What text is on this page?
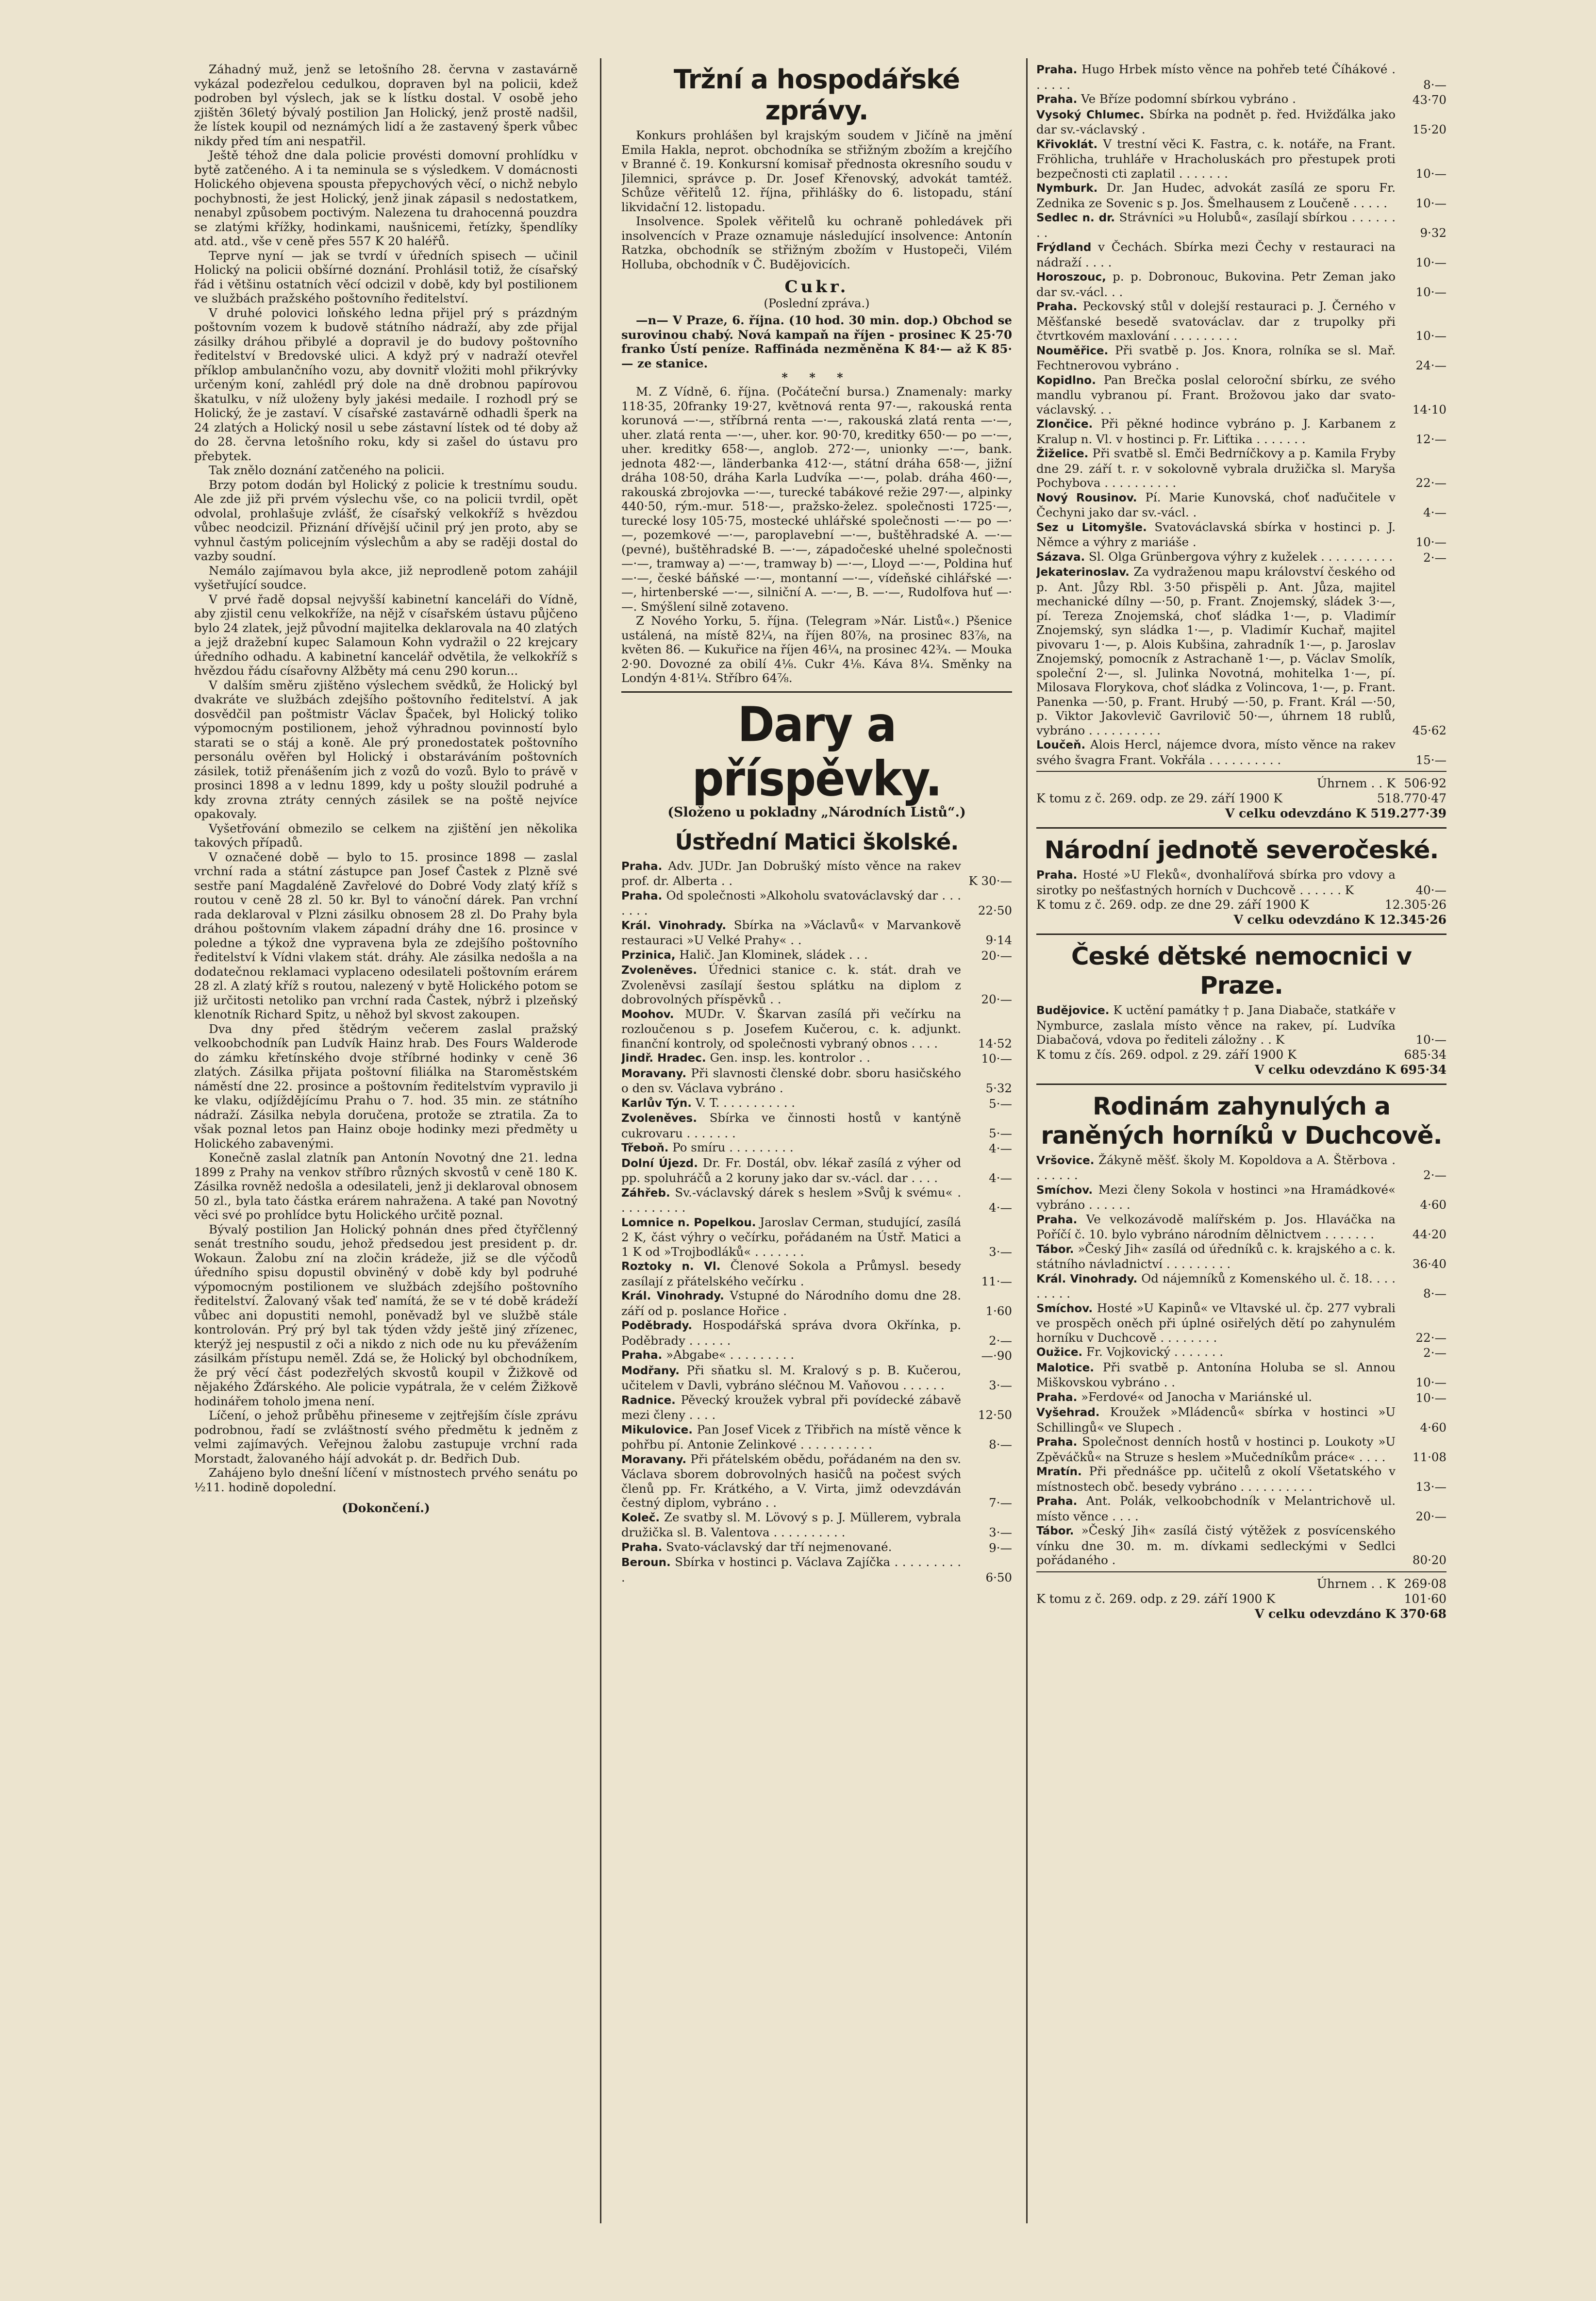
Záhadný muž, jenž se letošního 28. června v zastavárně vykázal podezřelou cedulkou, dopraven byl na policii, kdež podroben byl výslech, jak se k lístku dostal. V osobě jeho zjištěn 36letý bývalý postilion Jan Holický, jenž prostě nadšil, že lístek koupil od neznámých lidí a že zastavený šperk vůbec nikdy před tím ani nespatřil.

Ještě téhož dne dala policie provésti domovní prohlídku v bytě zatčeného. A i ta neminula se s výsledkem. V domácnosti Holického objevena spousta přepychových věcí, o nichž nebylo pochybnosti, že jest Holický, jenž jinak zápasil s nedostatkem, nenabyl způsobem poctivým. Nalezena tu drahocenná pouzdra se zlatými křížky, hodinkami, naušnicemi, řetízky, špendlíky atd. atd., vše v ceně přes 557 K 20 haléřů.

Teprve nyní — jak se tvrdí v úředních spisech — učinil Holický na policii obšírné doznání. Prohlásil totiž, že císařský řád i většinu ostatních věcí odcizil v době, kdy byl postilionem ve službách pražského poštovního ředitelství.

V druhé polovici loňského ledna přijel prý s prázdným poštovním vozem k budově státního nádraží, aby zde přijal zásilky dráhou přibylé a dopravil je do budovy poštovního ředitelství v Bredovské ulici. A když prý v nadraží otevřel příklop ambulančního vozu, aby dovnitř vložiti mohl přikrývky určeným koní, zahlédl prý dole na dně drobnou papírovou škatulku, v níž uloženy byly jakési medaile. I rozhodl prý se Holický, že je zastaví. V císařské zastavárně odhadli šperk na 24 zlatých a Holický nosil u sebe zástavní lístek od té doby až do 28. června letošního roku, kdy si zašel do ústavu pro přebytek.

Tak znělo doznání zatčeného na policii.

Brzy potom dodán byl Holický z policie k trestnímu soudu. Ale zde již při prvém výslechu vše, co na policii tvrdil, opět odvolal, prohlašuje zvlášť, že císařský velkokříž s hvězdou vůbec neodcizil. Přiznání dřívější učinil prý jen proto, aby se vyhnul častým policejním výslechům a aby se raději dostal do vazby soudní.

Nemálo zajímavou byla akce, již neprodleně potom zahájil vyšetřující soudce.

V prvé řadě dopsal nejvyšší kabinetní kanceláři do Vídně, aby zjistil cenu velkokříže, na nějž v císařském ústavu půjčeno bylo 24 zlatek, jejž původní majitelka deklarovala na 40 zlatých a jejž dražební kupec Salamoun Kohn vydražil o 22 krejcary úředního odhadu. A kabinetní kancelář odvětila, že velkokříž s hvězdou řádu císařovny Alžběty má cenu 290 korun...

V dalším směru zjištěno výslechem svědků, že Holický byl dvakráte ve službách zdejšího poštovního ředitelství. A jak dosvědčil pan poštmistr Václav Špaček, byl Holický toliko výpomocným postilionem, jehož výhradnou povinností bylo starati se o stáj a koně. Ale prý pronedostatek poštovního personálu ověřen byl Holický i obstaráváním poštovních zásilek, totiž přenášením jich z vozů do vozů. Bylo to právě v prosinci 1898 a v lednu 1899, kdy u pošty sloužil podruhé a kdy zrovna ztráty cenných zásilek se na poště nejvíce opakovaly.

Vyšetřování obmezilo se celkem na zjištění jen několika takových případů.

V označené době — bylo to 15. prosince 1898 — zaslal vrchní rada a státní zástupce pan Josef Častek z Plzně své sestře paní Magdaléně Zavřelové do Dobré Vody zlatý kříž s routou v ceně 28 zl. 50 kr. Byl to vánoční dárek. Pan vrchní rada deklaroval v Plzni zásilku obnosem 28 zl. Do Prahy byla dráhou poštovním vlakem západní dráhy dne 16. prosince v poledne a týkož dne vypravena byla ze zdejšího poštovního ředitelství k Vídni vlakem stát. dráhy. Ale zásilka nedošla a na dodatečnou reklamaci vyplaceno odesilateli poštovním erárem 28 zl. A zlatý kříž s routou, nalezený v bytě Holického potom se již určitosti netoliko pan vrchní rada Častek, nýbrž i plzeňský klenotník Richard Spitz, u něhož byl skvost zakoupen.

Dva dny před štědrým večerem zaslal pražský velkoobchodník pan Ludvík Hainz hrab. Des Fours Walderode do zámku křetínského dvoje stříbrné hodinky v ceně 36 zlatých. Zásilka přijata poštovní filiálka na Staroměstském náměstí dne 22. prosince a poštovním ředitelstvím vypravilo ji ke vlaku, odjíždějícímu Prahu o 7. hod. 35 min. ze státního nádraží. Zásilka nebyla doručena, protože se ztratila. Za to však poznal letos pan Hainz oboje hodinky mezi předměty u Holického zabavenými.

Konečně zaslal zlatník pan Antonín Novotný dne 21. ledna 1899 z Prahy na venkov stříbro různých skvostů v ceně 180 K. Zásilka rovněž nedošla a odesilateli, jenž ji deklaroval obnosem 50 zl., byla tato částka erárem nahražena. A také pan Novotný věci své po prohlídce bytu Holického určitě poznal.

Bývalý postilion Jan Holický pohnán dnes před čtyřčlenný senát trestního soudu, jehož předsedou jest president p. dr. Wokaun. Žalobu zní na zločin krádeže, již se dle výčodů úředního spisu dopustil obviněný v době kdy byl podruhé výpomocným postilionem ve službách zdejšího poštovního ředitelství. Žalovaný však teď namítá, že se v té době krádeží vůbec ani dopustiti nemohl, poněvadž byl ve službě stále kontrolován. Prý prý byl tak týden vždy ještě jiný zřízenec, kterýž jej nespustil z oči a nikdo z nich ode nu ku převážením zásilkám přístupu neměl. Zdá se, že Holický byl obchodníkem, že prý věcí část podezřelých skvostů koupil v Žižkově od nějakého Žďárského. Ale policie vypátrala, že v celém Žižkově hodinářem toholo jmena není.

Líčení, o jehož průběhu přineseme v zejtřejším čísle zprávu podrobnou, řadí se zvláštností svého předmětu k jedněm z velmi zajímavých. Veřejnou žalobu zastupuje vrchní rada Morstadt, žalovaného hájí advokát p. dr. Bedřich Dub.

Zahájeno bylo dnešní líčení v místnostech prvého senátu po ½11. hodině dopolední.

(Dokončení.)

Tržní a hospodářské zprávy.

Konkurs prohlášen byl krajským soudem v Jičíně na jmění Emila Hakla, neprot. obchodníka se střižným zbožím a krejčího v Branné č. 19. Konkursní komisař přednosta okresního soudu v Jilemnici, správce p. Dr. Josef Křenovský, advokát tamtéž. Schůze věřitelů 12. října, přihlášky do 6. listopadu, stání likvidační 12. listopadu.

Insolvence. Spolek věřitelů ku ochraně pohledávek při insolvencích v Praze oznamuje následující insolvence: Antonín Ratzka, obchodník se střižným zbožím v Hustopeči, Vilém Holluba, obchodník v Č. Budějovicích.

Cukr.
(Poslední zpráva.)

—n— V Praze, 6. října. (10 hod. 30 min. dop.) Obchod se surovinou chabý. Nová kampaň na říjen - prosinec K 25·70 franko Ústí peníze. Raffináda nezměněna K 84·— až K 85·— ze stanice.

* * *

M. Z Vídně, 6. října. (Počáteční bursa.) Znamenaly: marky 118·35, 20franky 19·27, květnová renta 97·—, rakouská renta korunová —·—, stříbrná renta —·—, rakouská zlatá renta —·—, uher. zlatá renta —·—, uher. kor. 90·70, kreditky 650·— po —·—, uher. kreditky 658·—, anglob. 272·—, unionky —·—, bank. jednota 482·—, länderbanka 412·—, státní dráha 658·—, jižní dráha 108·50, dráha Karla Ludvíka —·—, polab. dráha 460·—, rakouská zbrojovka —·—, turecké tabákové režie 297·—, alpinky 440·50, rým.-mur. 518·—, pražsko-želez. společnosti 1725·—, turecké losy 105·75, mostecké uhlářské společnosti —·— po —·—, pozemkové —·—, paroplavební —·—, buštěhradské A. —·— (pevné), buštěhradské B. —·—, západočeské uhelné společnosti —·—, tramway a) —·—, tramway b) —·—, Lloyd —·—, Poldina huť —·—, české báňské —·—, montanní —·—, vídeňské cihlářské —·—, hirtenberské —·—, silniční A. —·—, B. —·—, Rudolfova huť —·—. Smýšlení silně zotaveno.

Z Nového Yorku, 5. října. (Telegram »Nár. Listů«.) Pšenice ustálená, na místě 82¼, na říjen 80⅞, na prosinec 83⅞, na květen 86. — Kukuřice na říjen 46¼, na prosinec 42¾. — Mouka 2·90. Dovozné za obilí 4⅛. Cukr 4⅛. Káva 8¼. Směnky na Londýn 4·81¼. Stříbro 64⅞.

Dary a příspěvky.
(Složeno u pokladny „Národních Listů“.)
Ústřední Matici školské.
Praha. Adv. JUDr. Jan Dobrušký místo věnce na rakev prof. dr. Alberta . .	K 30·—
Praha. Od společnosti »Alkoholu svatováclavský dar . . . . . . .	22·50
Král. Vinohrady. Sbírka na »Václavů« v Marvankově restauraci »U Velké Prahy« . .	9·14
Przinica, Halič. Jan Klominek, sládek . . .	20·—
Zvoleněves. Úřednici stanice c. k. stát. drah ve Zvoleněvsi zasílají šestou splátku na diplom z dobrovolných příspěvků . .	20·—
Moohov. MUDr. V. Škarvan zasílá při večírku na rozloučenou s p. Josefem Kučerou, c. k. adjunkt. finanční kontroly, od společnosti vybraný obnos . . . .	14·52
Jindř. Hradec. Gen. insp. les. kontrolor . .	10·—
Moravany. Při slavnosti členské dobr. sboru hasičského o den sv. Václava vybráno .	5·32
Karlův Týn. V. T. . . . . . . . . . .	5·—
Zvoleněves. Sbírka ve činnosti hostů v kantýně cukrovaru . . . . . . .	5·—
Třeboň. Po smíru . . . . . . . . .	4·—
Dolní Újezd. Dr. Fr. Dostál, obv. lékař zasílá z výher od pp. spoluhráčů a 2 koruny jako dar sv.-václ. dar . . . .	4·—
Záhřeb. Sv.-václavský dárek s heslem »Svůj k svému« . . . . . . . . . .	4·—
Lomnice n. Popelkou. Jaroslav Cerman, studující, zasílá 2 K, část výhry o večírku, pořádaném na Ústř. Matici a 1 K od »Trojbodláků« . . . . . . .	3·—
Roztoky n. Vl. Členové Sokola a Průmysl. besedy zasílají z přátelského večírku .	11·—
Král. Vinohrady. Vstupné do Národního domu dne 28. září od p. poslance Hořice .	1·60
Poděbrady. Hospodářská správa dvora Okřínka, p. Poděbrady . . . . . .	2·—
Praha. »Abgabe« . . . . . . . . .	—·90
Modřany. Při sňatku sl. M. Kralový s p. B. Kučerou, učitelem v Davli, vybráno sléčnou M. Vaňovou . . . . . .	3·—
Radnice. Pěvecký kroužek vybral při povídecké zábavě mezi členy . . . .	12·50
Mikulovice. Pan Josef Vicek z Třibřich na místě věnce k pohřbu pí. Antonie Zelinkové . . . . . . . . . .	8·—
Moravany. Při přátelském obědu, pořádaném na den sv. Václava sborem dobrovolných hasičů na počest svých členů pp. Fr. Krátkého, a V. Virta, jimž odevzdáván čestný diplom, vybráno . .	7·—
Koleč. Ze svatby sl. M. Lövový s p. J. Müllerem, vybrala družička sl. B. Valentova . . . . . . . . . .	3·—
Praha. Svato-václavský dar tří nejmenované.	9·—
Beroun. Sbírka v hostinci p. Václava Zajíčka . . . . . . . . . .	6·50
Praha. Hugo Hrbek místo věnce na pohřeb teté Číhákové . . . . . .	8·—
Praha. Ve Bříze podomní sbírkou vybráno .	43·70
Vysoký Chlumec. Sbírka na podnět p. řed. Hvižďálka jako dar sv.-václavský .	15·20
Křivoklát. V trestní věci K. Fastra, c. k. notáře, na Frant. Fröhlicha, truhláře v Hracholuskách pro přestupek proti bezpečnosti cti zaplatil . . . . . . .	10·—
Nymburk. Dr. Jan Hudec, advokát zasílá ze sporu Fr. Zednika ze Sovenic s p. Jos. Šmelhausem z Loučeně . . . . .	10·—
Sedlec n. dr. Strávníci »u Holubů«, zasílají sbírkou . . . . . . . .	9·32
Frýdland v Čechách. Sbírka mezi Čechy v restauraci na nádraží . . . .	10·—
Horoszouc, p. p. Dobronouc, Bukovina. Petr Zeman jako dar sv.-václ. . .	10·—
Praha. Peckovský stůl v dolejší restauraci p. J. Černého v Měšťanské besedě svatováclav. dar z trupolky při čtvrtkovém maxlování . . . . . . . . .	10·—
Nouměřice. Při svatbě p. Jos. Knora, rolníka se sl. Mař. Fechtnerovou vybráno .	24·—
Kopidlno. Pan Brečka poslal celoroční sbírku, ze svého mandlu vybranou pí. Frant. Brožovou jako dar svato-václavský. . .	14·10
Zlončice. Při pěkné hodince vybráno p. J. Karbanem z Kralup n. Vl. v hostinci p. Fr. Liťtika . . . . . . .	12·—
Žiželice. Při svatbě sl. Emči Bedrníčkovy a p. Kamila Fryby dne 29. září t. r. v sokolovně vybrala družička sl. Maryša Pochybova . . . . . . . . . .	22·—
Nový Rousinov. Pí. Marie Kunovská, choť naďučitele v Čechyni jako dar sv.-václ. .	4·—
Sez u Litomyšle. Svatováclavská sbírka v hostinci p. J. Němce a výhry z mariáše .	10·—
Sázava. Sl. Olga Grünbergova výhry z kuželek . . . . . . . . . .	2·—
Jekaterinoslav. Za vydraženou mapu království českého od p. Ant. Jůzy Rbl. 3·50 přispěli p. Ant. Jůza, majitel mechanické dílny —·50, p. Frant. Znojemský, sládek 3·—, pí. Tereza Znojemská, choť sládka 1·—, p. Vladimír Znojemský, syn sládka 1·—, p. Vladimír Kuchař, majitel pivovaru 1·—, p. Alois Kubšina, zahradník 1·—, p. Jaroslav Znojemský, pomocník z Astrachaně 1·—, p. Václav Smolík, společní 2·—, sl. Julinka Novotná, mohitelka 1·—, pí. Milosava Florykova, choť sládka z Volincova, 1·—, p. Frant. Panenka —·50, p. Frant. Hrubý —·50, p. Frant. Král —·50, p. Viktor Jakovlevič Gavrilovič 50·—, úhrnem 18 rublů, vybráno . . . . . . . . . .	45·62
Loučeň. Alois Hercl, nájemce dvora, místo věnce na rakev svého švagra Frant. Vokřála . . . . . . . . . .	15·—
Úhrnem . . K 506·92
K tomu z č. 269. odp. ze 29. září 1900 K	518.770·47
V celku odevzdáno K 519.277·39
Národní jednotě severočeské.
Praha. Hosté »U Fleků«, dvonhalířová sbírka pro vdovy a sirotky po nešťastných horních v Duchcově . . . . . . K	40·—
K tomu z č. 269. odp. ze dne 29. září 1900 K	12.305·26
V celku odevzdáno K 12.345·26
České dětské nemocnici v Praze.
Budějovice. K uctění památky † p. Jana Diabače, statkáře v Nymburce, zaslala místo věnce na rakev, pí. Ludvíka Diabačová, vdova po řediteli záložny . . K	10·—
K tomu z čís. 269. odpol. z 29. září 1900 K	685·34
V celku odevzdáno K 695·34
Rodinám zahynulých a raněných horníků v Duchcově.
Vršovice. Žákyně měšť. školy M. Kopoldova a A. Štěrbova . . . . . . .	2·—
Smíchov. Mezi členy Sokola v hostinci »na Hramádkové« vybráno . . . . . .	4·60
Praha. Ve velkozávodě malířském p. Jos. Hlaváčka na Poříčí č. 10. bylo vybráno národním dělnictvem . . . . . . .	44·20
Tábor. »Český Jih« zasílá od úředníků c. k. krajského a c. k. státního návladnictví . . . . . . . . .	36·40
Král. Vinohrady. Od nájemníků z Komenského ul. č. 18. . . . . . . . .	8·—
Smíchov. Hosté »U Kapinů« ve Vltavské ul. čp. 277 vybrali ve prospěch oněch při úplné osiřelých dětí po zahynulém horníku v Duchcově . . . . . . . .	22·—
Oužice. Fr. Vojkovický . . . . . . .	2·—
Malotice. Při svatbě p. Antonína Holuba se sl. Annou Miškovskou vybráno . .	10·—
Praha. »Ferdové« od Janocha v Mariánské ul.	10·—
Vyšehrad. Kroužek »Mládenců« sbírka v hostinci »U Schillingů« ve Slupech .	4·60
Praha. Společnost denních hostů v hostinci p. Loukoty »U Zpěváčků« na Struze s heslem »Mučedníkům práce« . . . .	11·08
Mratín. Při přednášce pp. učitelů z okolí Všetatského v místnostech obč. besedy vybráno . . . . . . . . . .	13·—
Praha. Ant. Polák, velkoobchodník v Melantrichově ul. místo věnce . . . .	20·—
Tábor. »Český Jih« zasílá čistý výtěžek z posvícenského vínku dne 30. m. m. dívkami sedleckými v Sedlci pořádaného .	80·20
Úhrnem . . K 269·08
K tomu z č. 269. odp. z 29. září 1900 K	101·60
V celku odevzdáno K 370·68
